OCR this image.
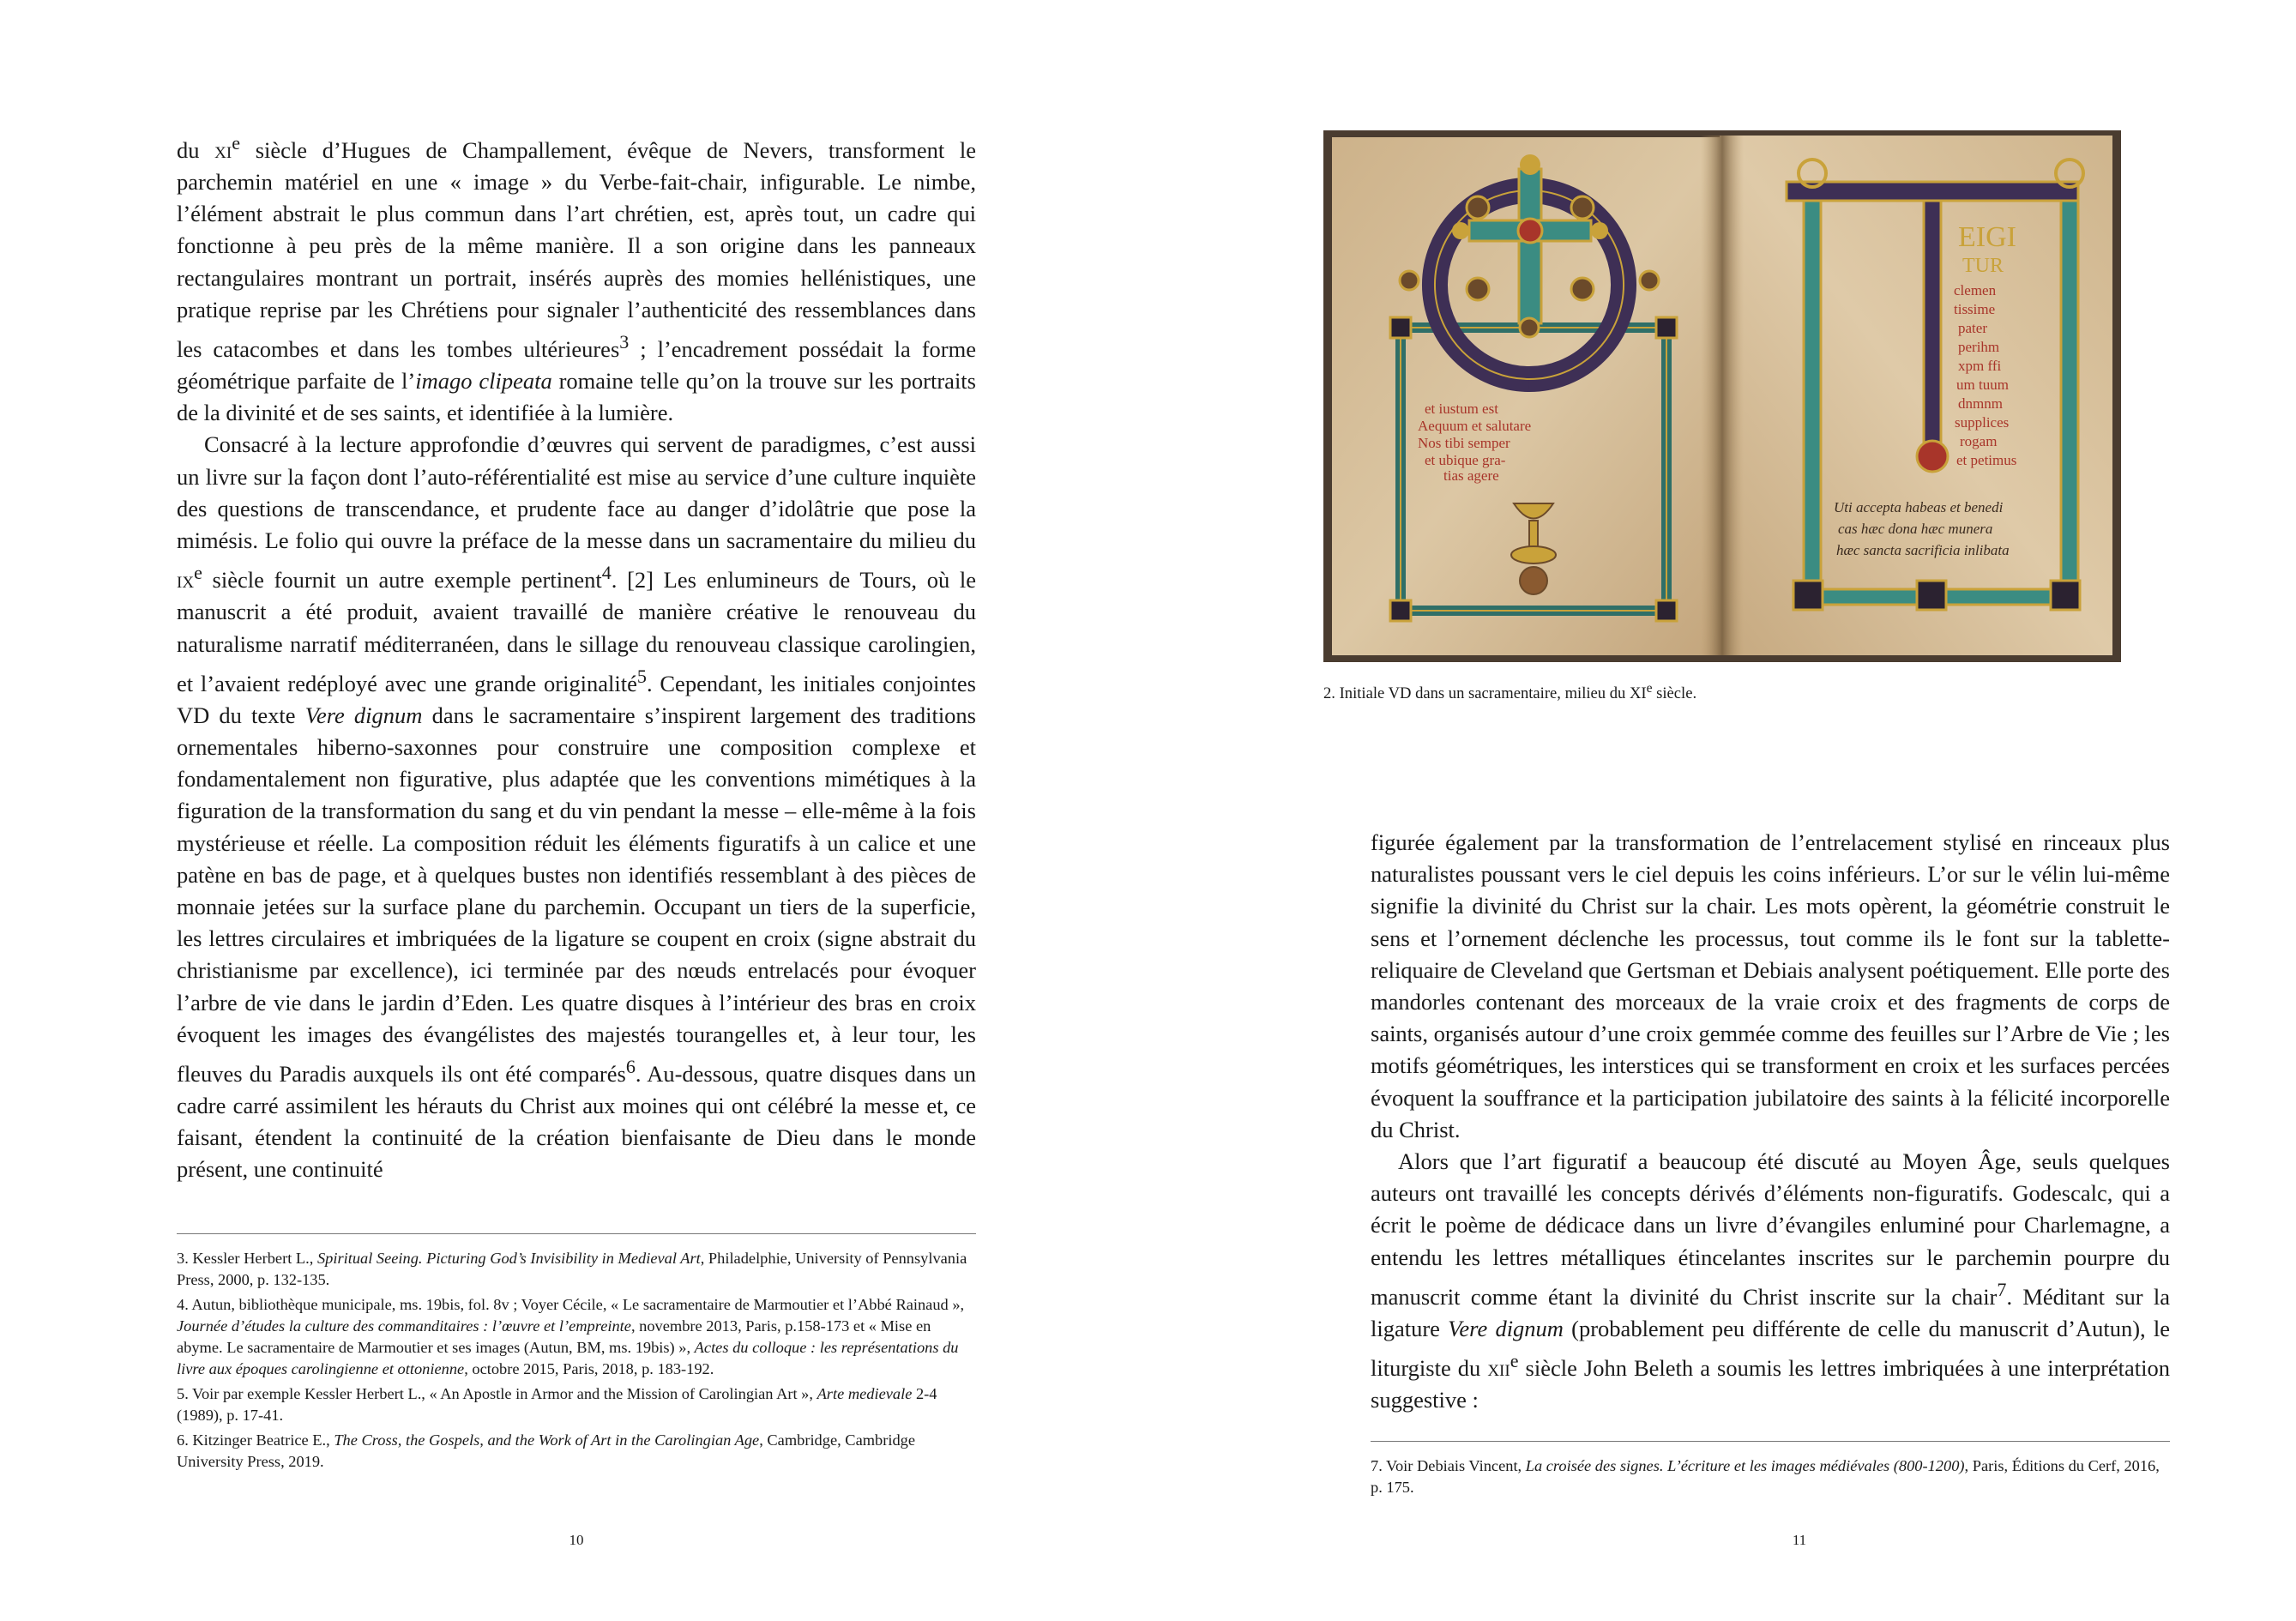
du $xi^e$ siècle d’Hugues de Champallement, évêque de Nevers, transforment le parchemin matériel en une « image » du Verbe-fait-chair, infigurable. Le nimbe, l’élément abstrait le plus commun dans l’art chrétien, est, après tout, un cadre qui fonctionne à peu près de la même manière. Il a son origine dans les panneaux rectangulaires montrant un portrait, insérés auprès des momies hellénistiques, une pratique reprise par les Chrétiens pour signaler l’authenticité des ressemblances dans les catacombes et dans les tombes ultérieures$^3$ ; l’encadrement possédait la forme géométrique parfaite de l’imago clipeata romaine telle qu’on la trouve sur les portraits de la divinité et de ses saints, et identifiée à la lumière.

Consacré à la lecture approfondie d’œuvres qui servent de paradigmes, c’est aussi un livre sur la façon dont l’auto-référentialité est mise au service d’une culture inquiète des questions de transcendance, et prudente face au danger d’idolâtrie que pose la mimésis. Le folio qui ouvre la préface de la messe dans un sacramentaire du milieu du $ix^e$ siècle fournit un autre exemple pertinent$^4$. [2] Les enlumineurs de Tours, où le manuscrit a été produit, avaient travaillé de manière créative le renouveau du naturalisme narratif méditerranéen, dans le sillage du renouveau classique carolingien, et l’avaient redéployé avec une grande originalité$^5$. Cependant, les initiales conjointes VD du texte Vere dignum dans le sacramentaire s’inspirent largement des traditions ornementales hiberno-saxonnes pour construire une composition complexe et fondamentalement non figurative, plus adaptée que les conventions mimétiques à la figuration de la transformation du sang et du vin pendant la messe – elle-même à la fois mystérieuse et réelle. La composition réduit les éléments figuratifs à un calice et une patène en bas de page, et à quelques bustes non identifiés ressemblant à des pièces de monnaie jetées sur la surface plane du parchemin. Occupant un tiers de la superficie, les lettres circulaires et imbriquées de la ligature se coupent en croix (signe abstrait du christianisme par excellence), ici terminée par des nœuds entrelacés pour évoquer l’arbre de vie dans le jardin d’Eden. Les quatre disques à l’intérieur des bras en croix évoquent les images des évangélistes des majestés tourangelles et, à leur tour, les fleuves du Paradis auxquels ils ont été comparés$^6$. Au-dessous, quatre disques dans un cadre carré assimilent les hérauts du Christ aux moines qui ont célébré la messe et, ce faisant, étendent la continuité de la création bienfaisante de Dieu dans le monde présent, une continuité

3. Kessler Herbert L., Spiritual Seeing. Picturing God’s Invisibility in Medieval Art, Philadelphie, University of Pennsylvania Press, 2000, p. 132-135.

4. Autun, bibliothèque municipale, ms. 19bis, fol. 8v ; Voyer Cécile, « Le sacramentaire de Marmoutier et l’Abbé Rainaud », Journée d’études la culture des commanditaires : l’œuvre et l’empreinte, novembre 2013, Paris, p.158-173 et « Mise en abyme. Le sacramentaire de Marmoutier et ses images (Autun, BM, ms. 19bis) », Actes du colloque : les représentations du livre aux époques carolingienne et ottonienne, octobre 2015, Paris, 2018, p. 183-192.

5. Voir par exemple Kessler Herbert L., « An Apostle in Armor and the Mission of Carolingian Art », Arte medievale 2-4 (1989), p. 17-41.

6. Kitzinger Beatrice E., The Cross, the Gospels, and the Work of Art in the Carolingian Age, Cambridge, Cambridge University Press, 2019.

10
et iustum est
Aequum et salutare
Nos tibi semper
et ubique gra-
tias agere
EIGI
TUR
clemen
tissime
pater
perihm
xpm ffi
um tuum
dnmnm
supplices
rogam
et petimus
Uti accepta habeas et benedi
cas hæc dona hæc munera
hæc sancta sacrificia inlibata
2. Initiale VD dans un sacramentaire, milieu du XIe siècle.

figurée également par la transformation de l’entrelacement stylisé en rinceaux plus naturalistes poussant vers le ciel depuis les coins inférieurs. L’or sur le vélin lui-même signifie la divinité du Christ sur la chair. Les mots opèrent, la géométrie construit le sens et l’ornement déclenche les processus, tout comme ils le font sur la tablette-reliquaire de Cleveland que Gertsman et Debiais analysent poétiquement. Elle porte des mandorles contenant des morceaux de la vraie croix et des fragments de corps de saints, organisés autour d’une croix gemmée comme des feuilles sur l’Arbre de Vie ; les motifs géométriques, les interstices qui se transforment en croix et les surfaces percées évoquent la souffrance et la participation jubilatoire des saints à la félicité incorporelle du Christ.

Alors que l’art figuratif a beaucoup été discuté au Moyen Âge, seuls quelques auteurs ont travaillé les concepts dérivés d’éléments non-figuratifs. Godescalc, qui a écrit le poème de dédicace dans un livre d’évangiles enluminé pour Charlemagne, a entendu les lettres métalliques étincelantes inscrites sur le parchemin pourpre du manuscrit comme étant la divinité du Christ inscrite sur la chair$^7$. Méditant sur la ligature Vere dignum (probablement peu différente de celle du manuscrit d’Autun), le liturgiste du xii$^e$ siècle John Beleth a soumis les lettres imbriquées à une interprétation suggestive :

7. Voir Debiais Vincent, La croisée des signes. L’écriture et les images médiévales (800-1200), Paris, Éditions du Cerf, 2016, p. 175.

11
